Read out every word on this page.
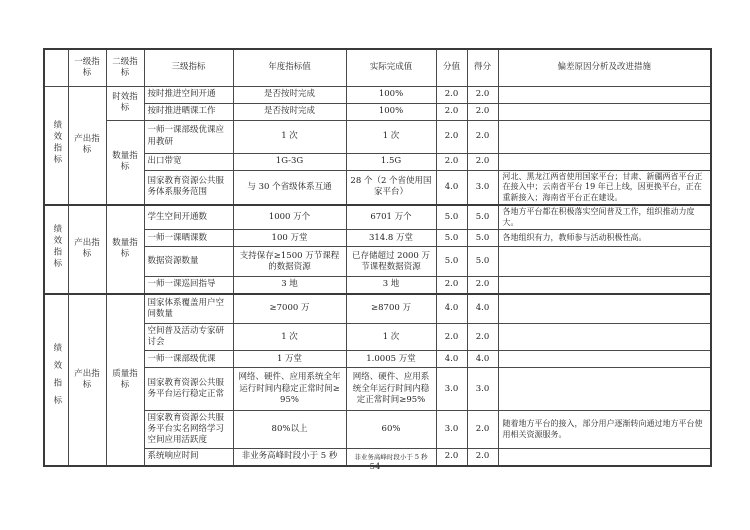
	一级指标	二级指标	三级指标	年度指标值	实际完成值	分值	得分	偏差原因分析及改进措施
绩效指标	产出指标	时效指标	按时推进空间开通	是否按时完成	100%	2.0	2.0	
			按时推进晒课工作	是否按时完成	100%	2.0	2.0	
		数量指标	一师一课部级优课应用教研	1 次	1 次	2.0	2.0	
			出口带宽	1G-3G	1.5G	2.0	2.0	
			国家教育资源公共服务体系服务范围	与 30 个省级体系互通	28 个（2 个省使用国家平台）	4.0	3.0	河北、黑龙江两省使用国家平台；甘肃、新疆两省平台正在接入中；云南省平台 19 年已上线，因更换平台，正在重新接入；海南省平台正在建设。
绩效指标	产出指标	数量指标	学生空间开通数	1000 万个	6701 万个	5.0	5.0	各地方平台都在积极落实空间普及工作，组织推动力度大。
			一师一课晒课数	100 万堂	314.8 万堂	5.0	5.0	各地组织有力，教师参与活动积极性高。
			数据资源数量	支持保存≥1500 万节课程的数据资源	已存储超过 2000 万节课程数据资源	5.0	5.0	
			一师一课巡回指导	3 地	3 地	2.0	2.0	
绩效指标	产出指标	质量指标	国家体系覆盖用户空间数量	≥7000 万	≥8700 万	4.0	4.0	
			空间普及活动专家研讨会	1 次	1 次	2.0	2.0	
			一师一课部级优课	1 万堂	1.0005 万堂	4.0	4.0	
			国家教育资源公共服务平台运行稳定正常	网络、硬件、应用系统全年运行时间内稳定正常时间≥95%	网络、硬件、应用系统全年运行时间内稳定正常时间≥95%	3.0	3.0	
			国家教育资源公共服务平台实名网络学习空间应用活跃度	80%以上	60%	3.0	2.0	随着地方平台的接入，部分用户逐渐转向通过地方平台使用相关资源服务。
			系统响应时间	非业务高峰时段小于 5 秒	非业务高峰时段小于 5 秒	2.0	2.0	
54
